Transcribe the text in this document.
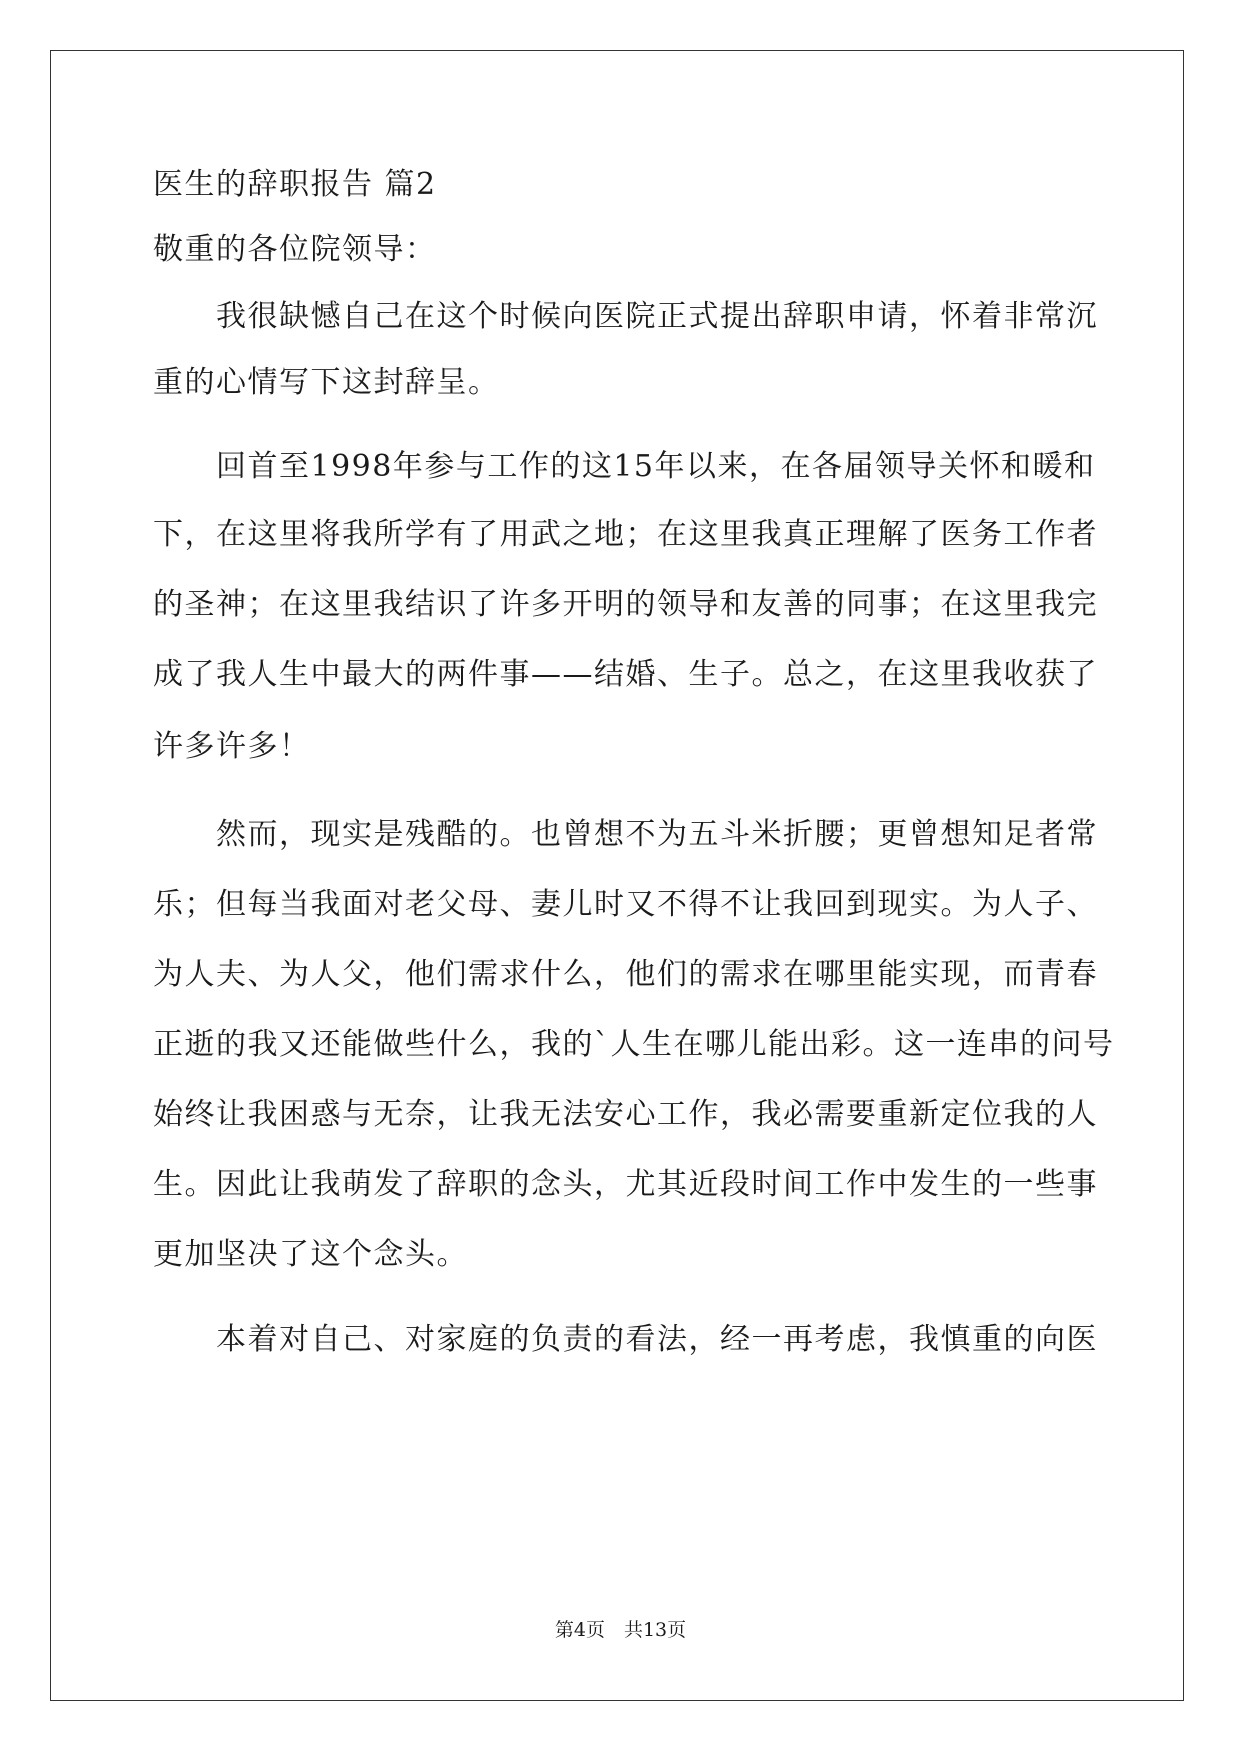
医生的辞职报告 篇2
敬重的各位院领导：
　　我很缺憾自己在这个时候向医院正式提出辞职申请，怀着非常沉
重的心情写下这封辞呈。
　　回首至1998年参与工作的这15年以来，在各届领导关怀和暖和
下，在这里将我所学有了用武之地；在这里我真正理解了医务工作者
的圣神；在这里我结识了许多开明的领导和友善的同事；在这里我完
成了我人生中最大的两件事——结婚、生子。总之，在这里我收获了
许多许多！
　　然而，现实是残酷的。也曾想不为五斗米折腰；更曾想知足者常
乐；但每当我面对老父母、妻儿时又不得不让我回到现实。为人子、
为人夫、为人父，他们需求什么，他们的需求在哪里能实现，而青春
正逝的我又还能做些什么，我的`人生在哪儿能出彩。这一连串的问号
始终让我困惑与无奈，让我无法安心工作，我必需要重新定位我的人
生。因此让我萌发了辞职的念头，尤其近段时间工作中发生的一些事
更加坚决了这个念头。
　　本着对自己、对家庭的负责的看法，经一再考虑，我慎重的向医
第4页　共13页
